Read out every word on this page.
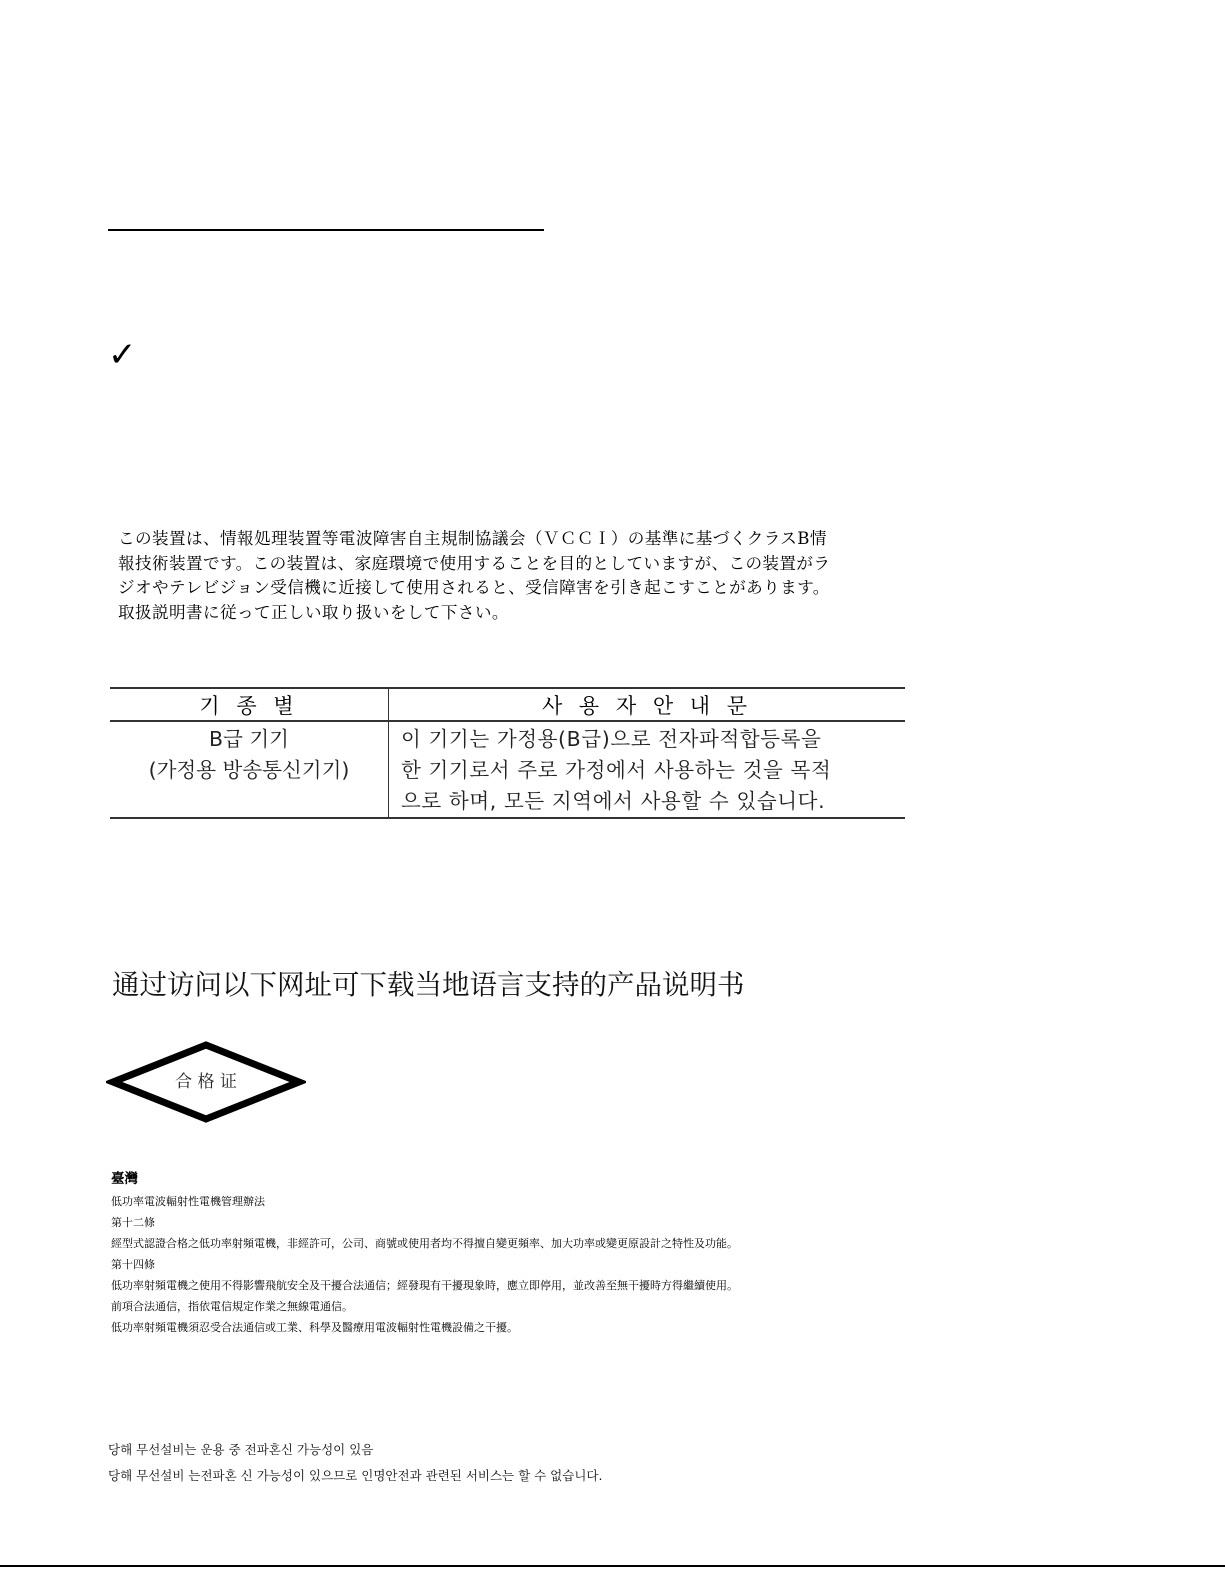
✓
この装置は、情報処理装置等電波障害自主規制協議会（ＶＣＣＩ）の基準に基づくクラスB情
報技術装置です。この装置は、家庭環境で使用することを目的としていますが、この装置がラ
ジオやテレビジョン受信機に近接して使用されると、受信障害を引き起こすことがあります。
取扱説明書に従って正しい取り扱いをして下さい。
기 종 별	사 용 자 안 내 문

B급 기기
(가정용 방송통신기기)	이 기기는 가정용(B급)으로 전자파적합등록을
한 기기로서 주로 가정에서 사용하는 것을 목적
으로 하며, 모든 지역에서 사용할 수 있습니다.
通过访问以下网址可下载当地语言支持的产品说明书
合 格 证
臺灣
低功率電波輻射性電機管理辦法
第十二條
經型式認證合格之低功率射頻電機，非經許可，公司、商號或使用者均不得擅自變更頻率、加大功率或變更原設計之特性及功能。
第十四條
低功率射頻電機之使用不得影響飛航安全及干擾合法通信；經發現有干擾現象時，應立即停用，並改善至無干擾時方得繼續使用。
前項合法通信，指依電信規定作業之無線電通信。
低功率射頻電機須忍受合法通信或工業、科學及醫療用電波輻射性電機設備之干擾。
당해 무선설비는 운용 중 전파혼신 가능성이 있음
당해 무선설비 는전파혼 신 가능성이 있으므로 인명안전과 관련된 서비스는 할 수 없습니다.
